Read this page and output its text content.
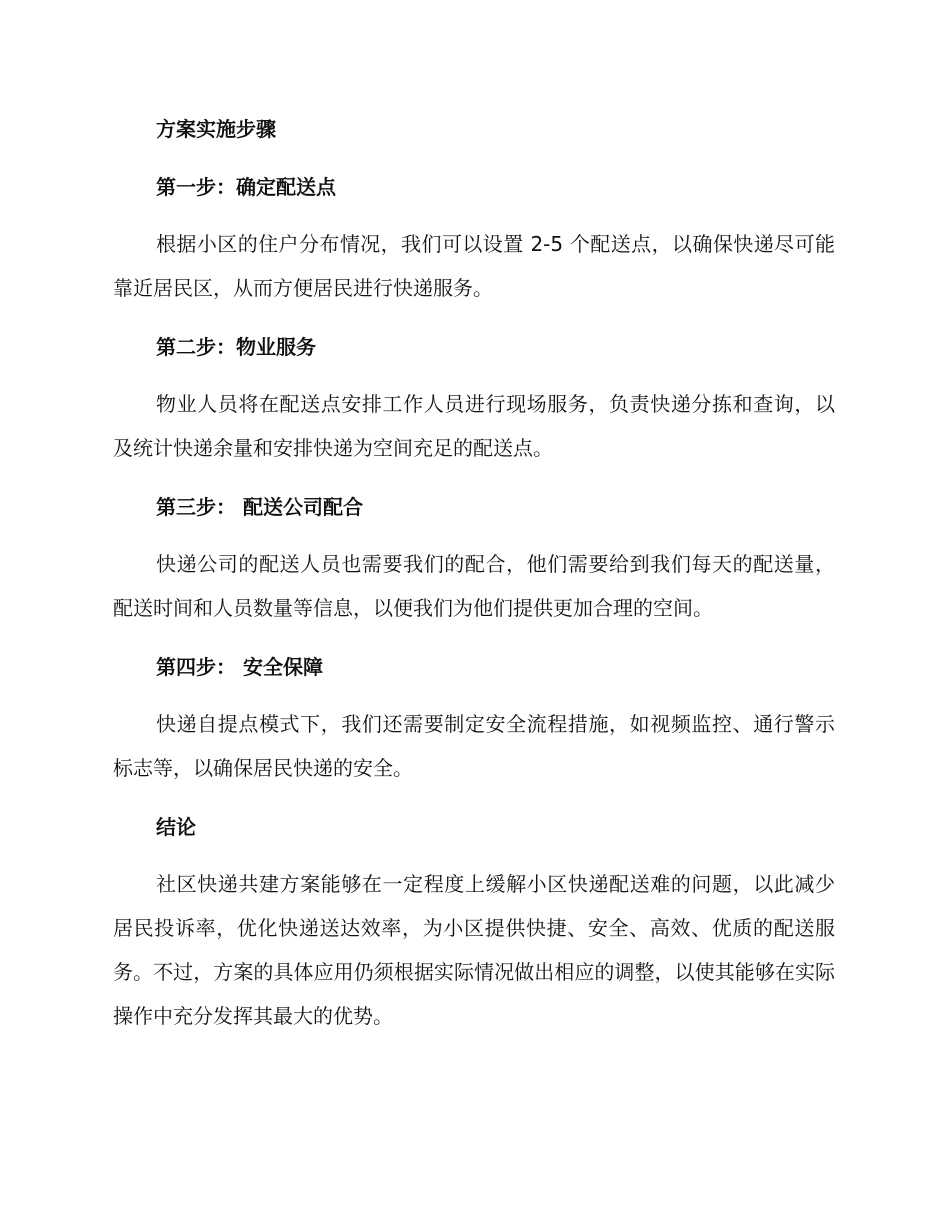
方案实施步骤
第一步：确定配送点

根据小区的住户分布情况，我们可以设置 2-5 个配送点，以确保快递尽可能靠近居民区，从而方便居民进行快递服务。

第二步：物业服务

物业人员将在配送点安排工作人员进行现场服务，负责快递分拣和查询，以及统计快递余量和安排快递为空间充足的配送点。

第三步： 配送公司配合

快递公司的配送人员也需要我们的配合，他们需要给到我们每天的配送量，配送时间和人员数量等信息，以便我们为他们提供更加合理的空间。

第四步： 安全保障

快递自提点模式下，我们还需要制定安全流程措施，如视频监控、通行警示标志等，以确保居民快递的安全。

结论

社区快递共建方案能够在一定程度上缓解小区快递配送难的问题，以此减少居民投诉率，优化快递送达效率，为小区提供快捷、安全、高效、优质的配送服务。不过，方案的具体应用仍须根据实际情况做出相应的调整，以使其能够在实际操作中充分发挥其最大的优势。
